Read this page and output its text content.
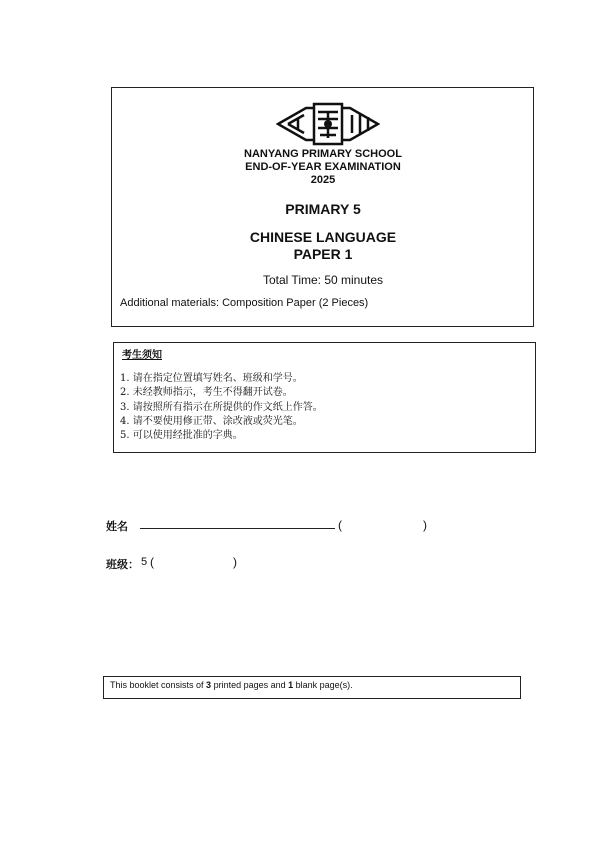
NANYANG PRIMARY SCHOOL
END-OF-YEAR EXAMINATION
2025
PRIMARY 5
CHINESE LANGUAGE
PAPER 1
Total Time: 50 minutes
Additional materials: Composition Paper (2 Pieces)
考生须知
1. 请在指定位置填写姓名、班级和学号。
2. 未经教师指示，考生不得翻开试卷。
3. 请按照所有指示在所提供的作文纸上作答。
4. 请不要使用修正带、涂改液或荧光笔。
5. 可以使用经批准的字典。
姓名	(	)
班级： 5 (	)
This booklet consists of 3 printed pages and 1 blank page(s).
